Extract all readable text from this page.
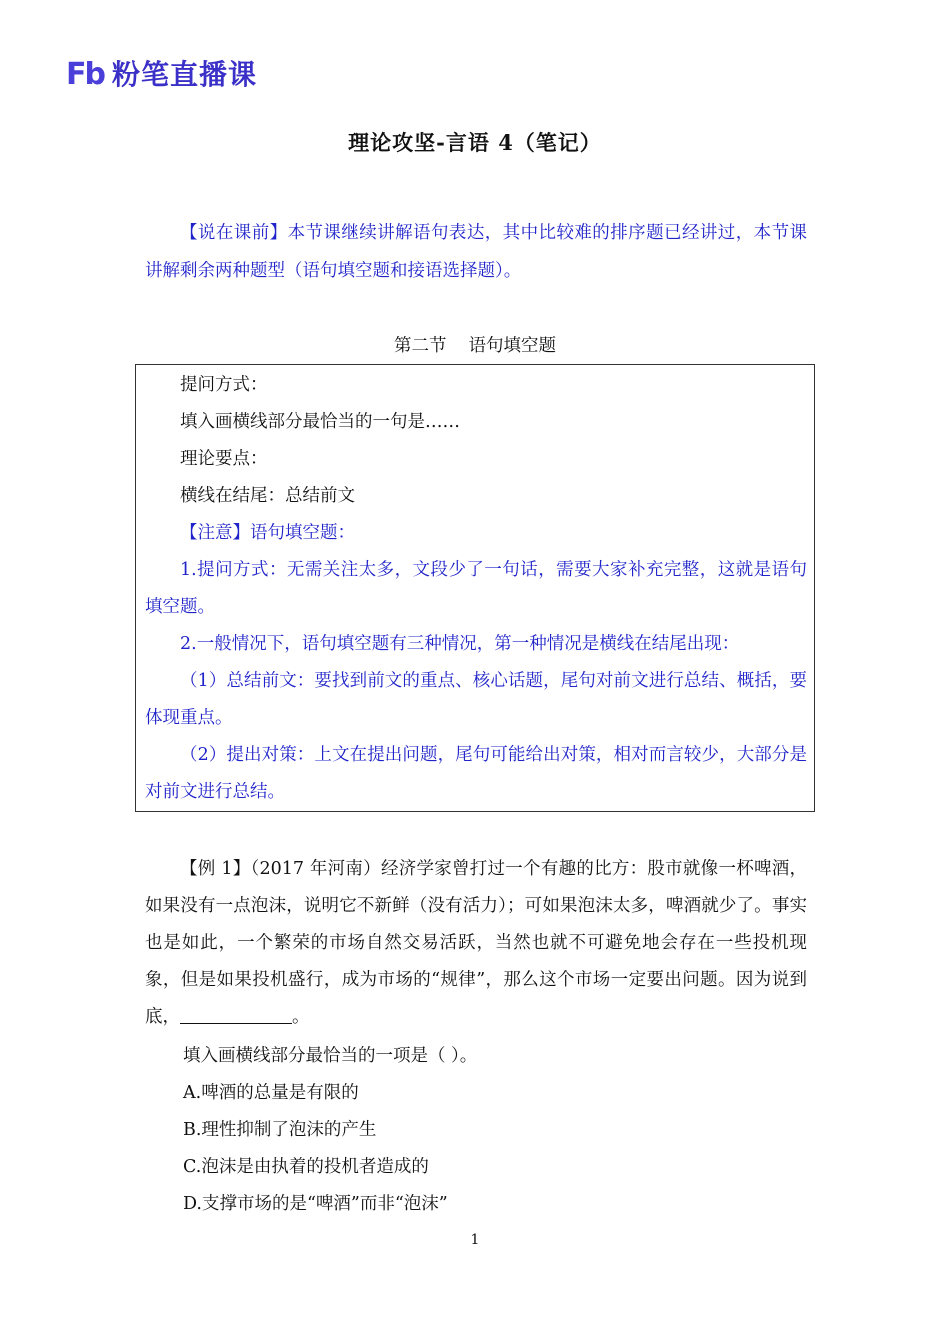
Fb 粉笔直播课
理论攻坚-言语 4（笔记）
【说在课前】本节课继续讲解语句表达，其中比较难的排序题已经讲过，本节课讲解剩余两种题型（语句填空题和接语选择题）。
第二节 语句填空题
提问方式：
填入画横线部分最恰当的一句是……
理论要点：
横线在结尾：总结前文
【注意】语句填空题：
1.提问方式：无需关注太多，文段少了一句话，需要大家补充完整，这就是语句填空题。
2.一般情况下，语句填空题有三种情况，第一种情况是横线在结尾出现：
（1）总结前文：要找到前文的重点、核心话题，尾句对前文进行总结、概括，要体现重点。
（2）提出对策：上文在提出问题，尾句可能给出对策，相对而言较少，大部分是对前文进行总结。
【例 1】（2017 年河南）经济学家曾打过一个有趣的比方：股市就像一杯啤酒，如果没有一点泡沫，说明它不新鲜（没有活力）；可如果泡沫太多，啤酒就少了。事实也是如此，一个繁荣的市场自然交易活跃，当然也就不可避免地会存在一些投机现象，但是如果投机盛行，成为市场的“规律”，那么这个市场一定要出问题。因为说到底，	。
填入画横线部分最恰当的一项是（ ）。
A.啤酒的总量是有限的
B.理性抑制了泡沫的产生
C.泡沫是由执着的投机者造成的
D.支撑市场的是“啤酒”而非“泡沫”
1
